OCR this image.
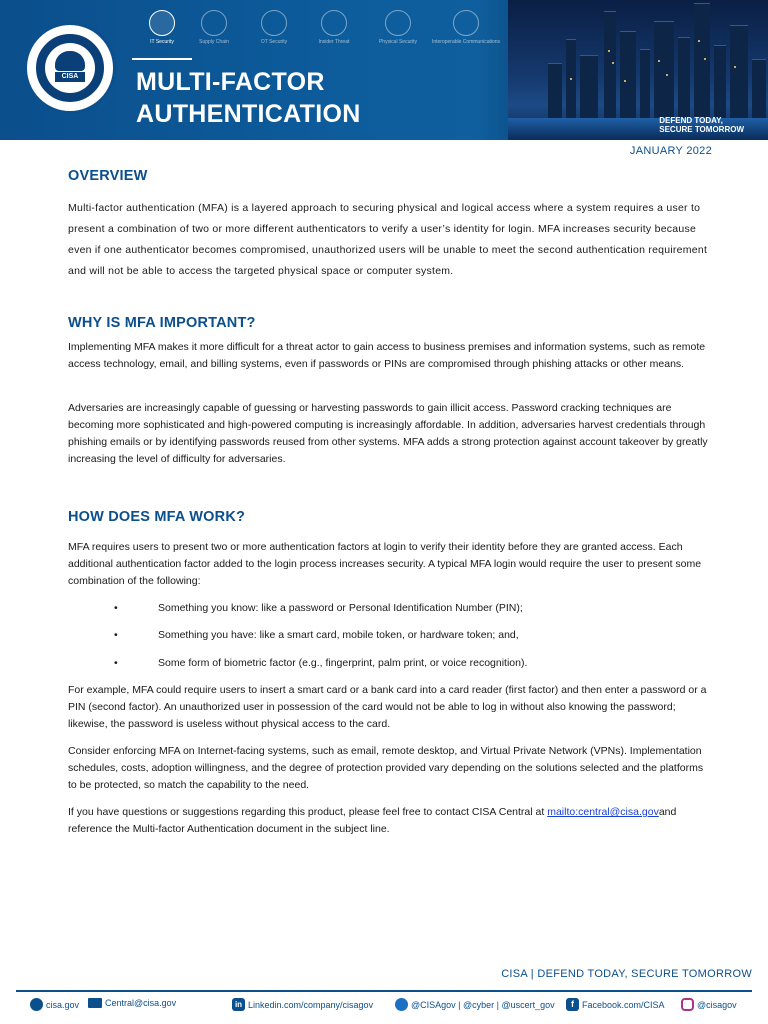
IT Security	Supply Chain	OT Security	Insider Threat	Physical Security	Interoperable Communications
CISA MULTI-FACTOR
AUTHENTICATION	DEFEND TODAY,
SECURE TOMORROW
JANUARY 2022
OVERVIEW

Multi-factor authentication (MFA) is a layered approach to securing physical and logical access where a system requires a user to present a combination of two or more different authenticators to verify a user’s identity for login. MFA increases security because even if one authenticator becomes compromised, unauthorized users will be unable to meet the second authentication requirement and will not be able to access the targeted physical space or computer system.

WHY IS MFA IMPORTANT?

Implementing MFA makes it more difficult for a threat actor to gain access to business premises and information systems, such as remote access technology, email, and billing systems, even if passwords or PINs are compromised through phishing attacks or other means.

Adversaries are increasingly capable of guessing or harvesting passwords to gain illicit access. Password cracking techniques are becoming more sophisticated and high-powered computing is increasingly affordable. In addition, adversaries harvest credentials through phishing emails or by identifying passwords reused from other systems. MFA adds a strong protection against account takeover by greatly increasing the level of difficulty for adversaries.

HOW DOES MFA WORK?

MFA requires users to present two or more authentication factors at login to verify their identity before they are granted access. Each additional authentication factor added to the login process increases security. A typical MFA login would require the user to present some combination of the following:

•	Something you know: like a password or Personal Identification Number (PIN);
•	Something you have: like a smart card, mobile token, or hardware token; and,
•	Some form of biometric factor (e.g., fingerprint, palm print, or voice recognition).

For example, MFA could require users to insert a smart card or a bank card into a card reader (first factor) and then enter a password or a PIN (second factor). An unauthorized user in possession of the card would not be able to log in without also knowing the password; likewise, the password is useless without physical access to the card.

Consider enforcing MFA on Internet-facing systems, such as email, remote desktop, and Virtual Private Network (VPNs). Implementation schedules, costs, adoption willingness, and the degree of protection provided vary depending on the solutions selected and the platforms to be protected, so match the capability to the need.

If you have questions or suggestions regarding this product, please feel free to contact CISA Central at mailto:central@cisa.govand reference the Multi-factor Authentication document in the subject line.

CISA | DEFEND TODAY, SECURE TOMORROW
cisa.gov	Central@cisa.gov	in Linkedin.com/company/cisagov	@CISAgov | @cyber | @uscert_gov	f Facebook.com/CISA	@cisagov
